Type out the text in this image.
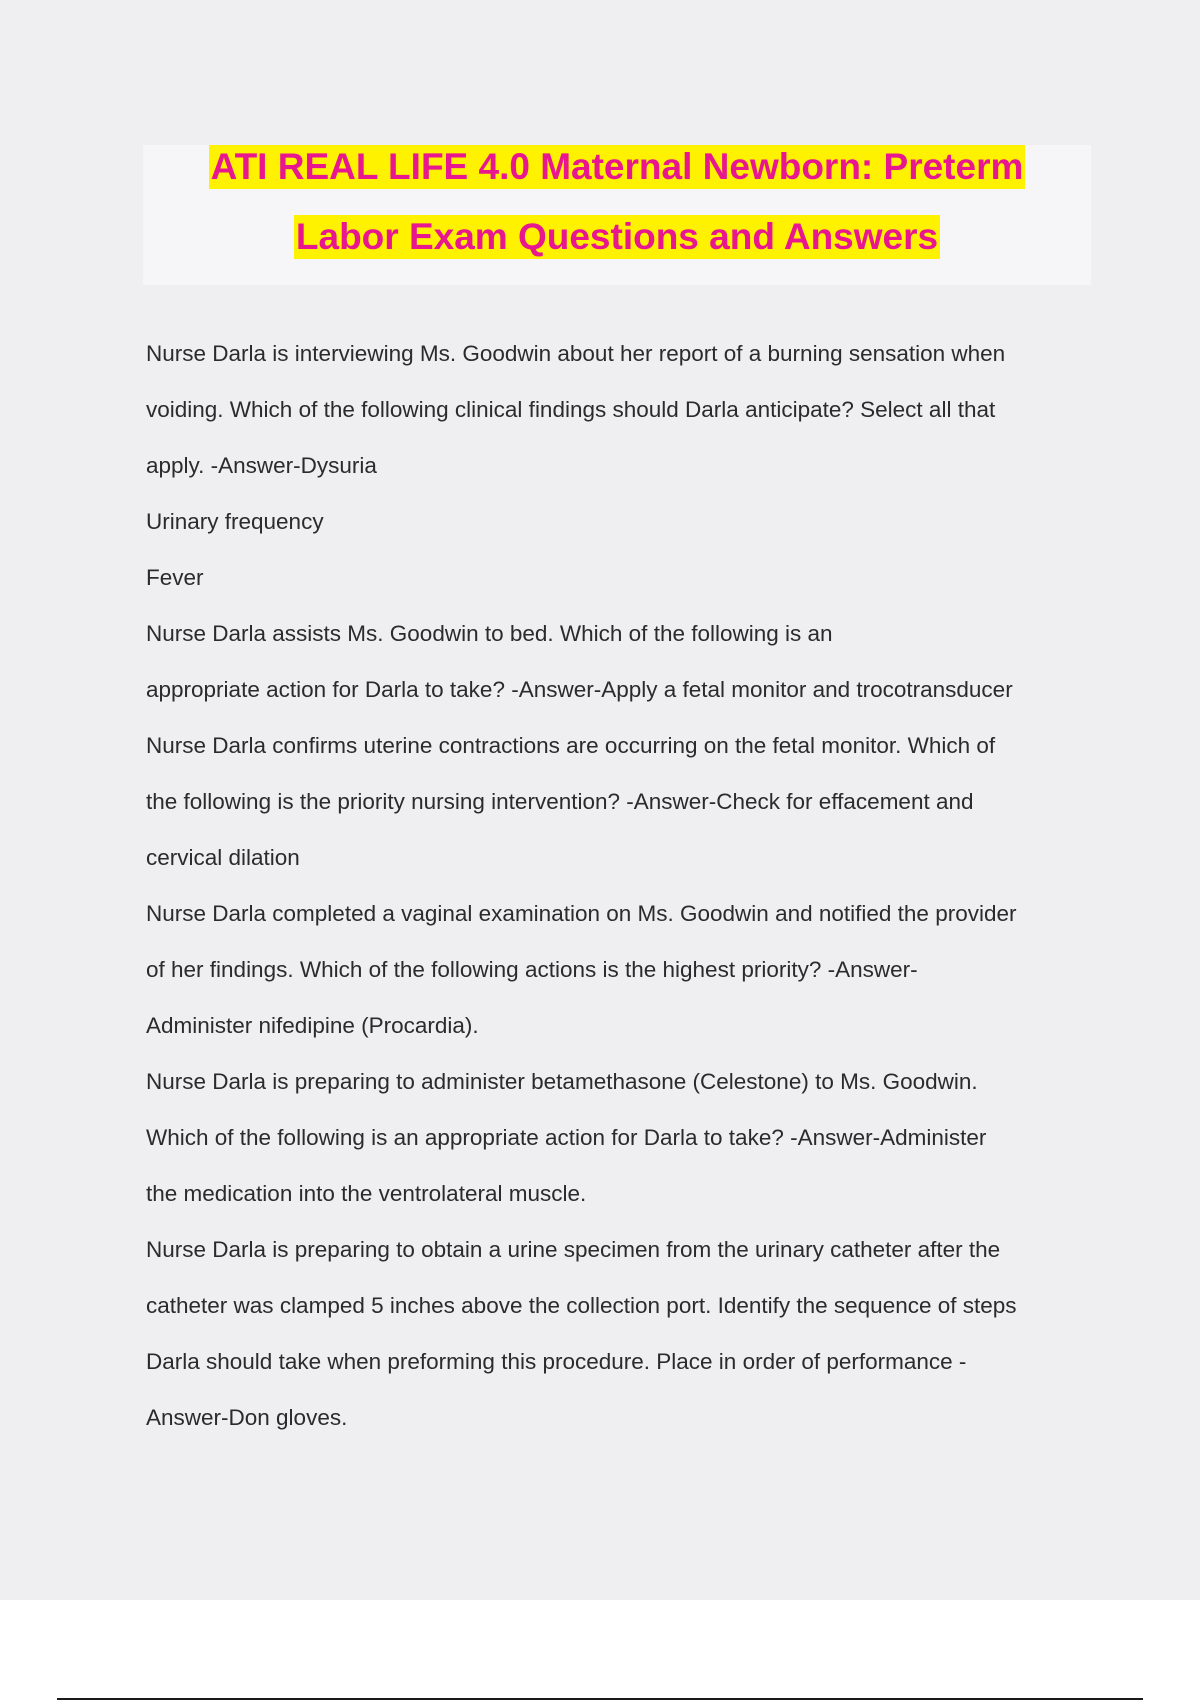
ATI REAL LIFE 4.0 Maternal Newborn: Preterm
Labor Exam Questions and Answers

Nurse Darla is interviewing Ms. Goodwin about her report of a burning sensation when

voiding. Which of the following clinical findings should Darla anticipate? Select all that

apply. -Answer-Dysuria

Urinary frequency

Fever

Nurse Darla assists Ms. Goodwin to bed. Which of the following is an

appropriate action for Darla to take? -Answer-Apply a fetal monitor and trocotransducer

Nurse Darla confirms uterine contractions are occurring on the fetal monitor. Which of

the following is the priority nursing intervention? -Answer-Check for effacement and

cervical dilation

Nurse Darla completed a vaginal examination on Ms. Goodwin and notified the provider

of her findings. Which of the following actions is the highest priority? -Answer-

Administer nifedipine (Procardia).

Nurse Darla is preparing to administer betamethasone (Celestone) to Ms. Goodwin.

Which of the following is an appropriate action for Darla to take? -Answer-Administer

the medication into the ventrolateral muscle.

Nurse Darla is preparing to obtain a urine specimen from the urinary catheter after the

catheter was clamped 5 inches above the collection port. Identify the sequence of steps

Darla should take when preforming this procedure. Place in order of performance -

Answer-Don gloves.
